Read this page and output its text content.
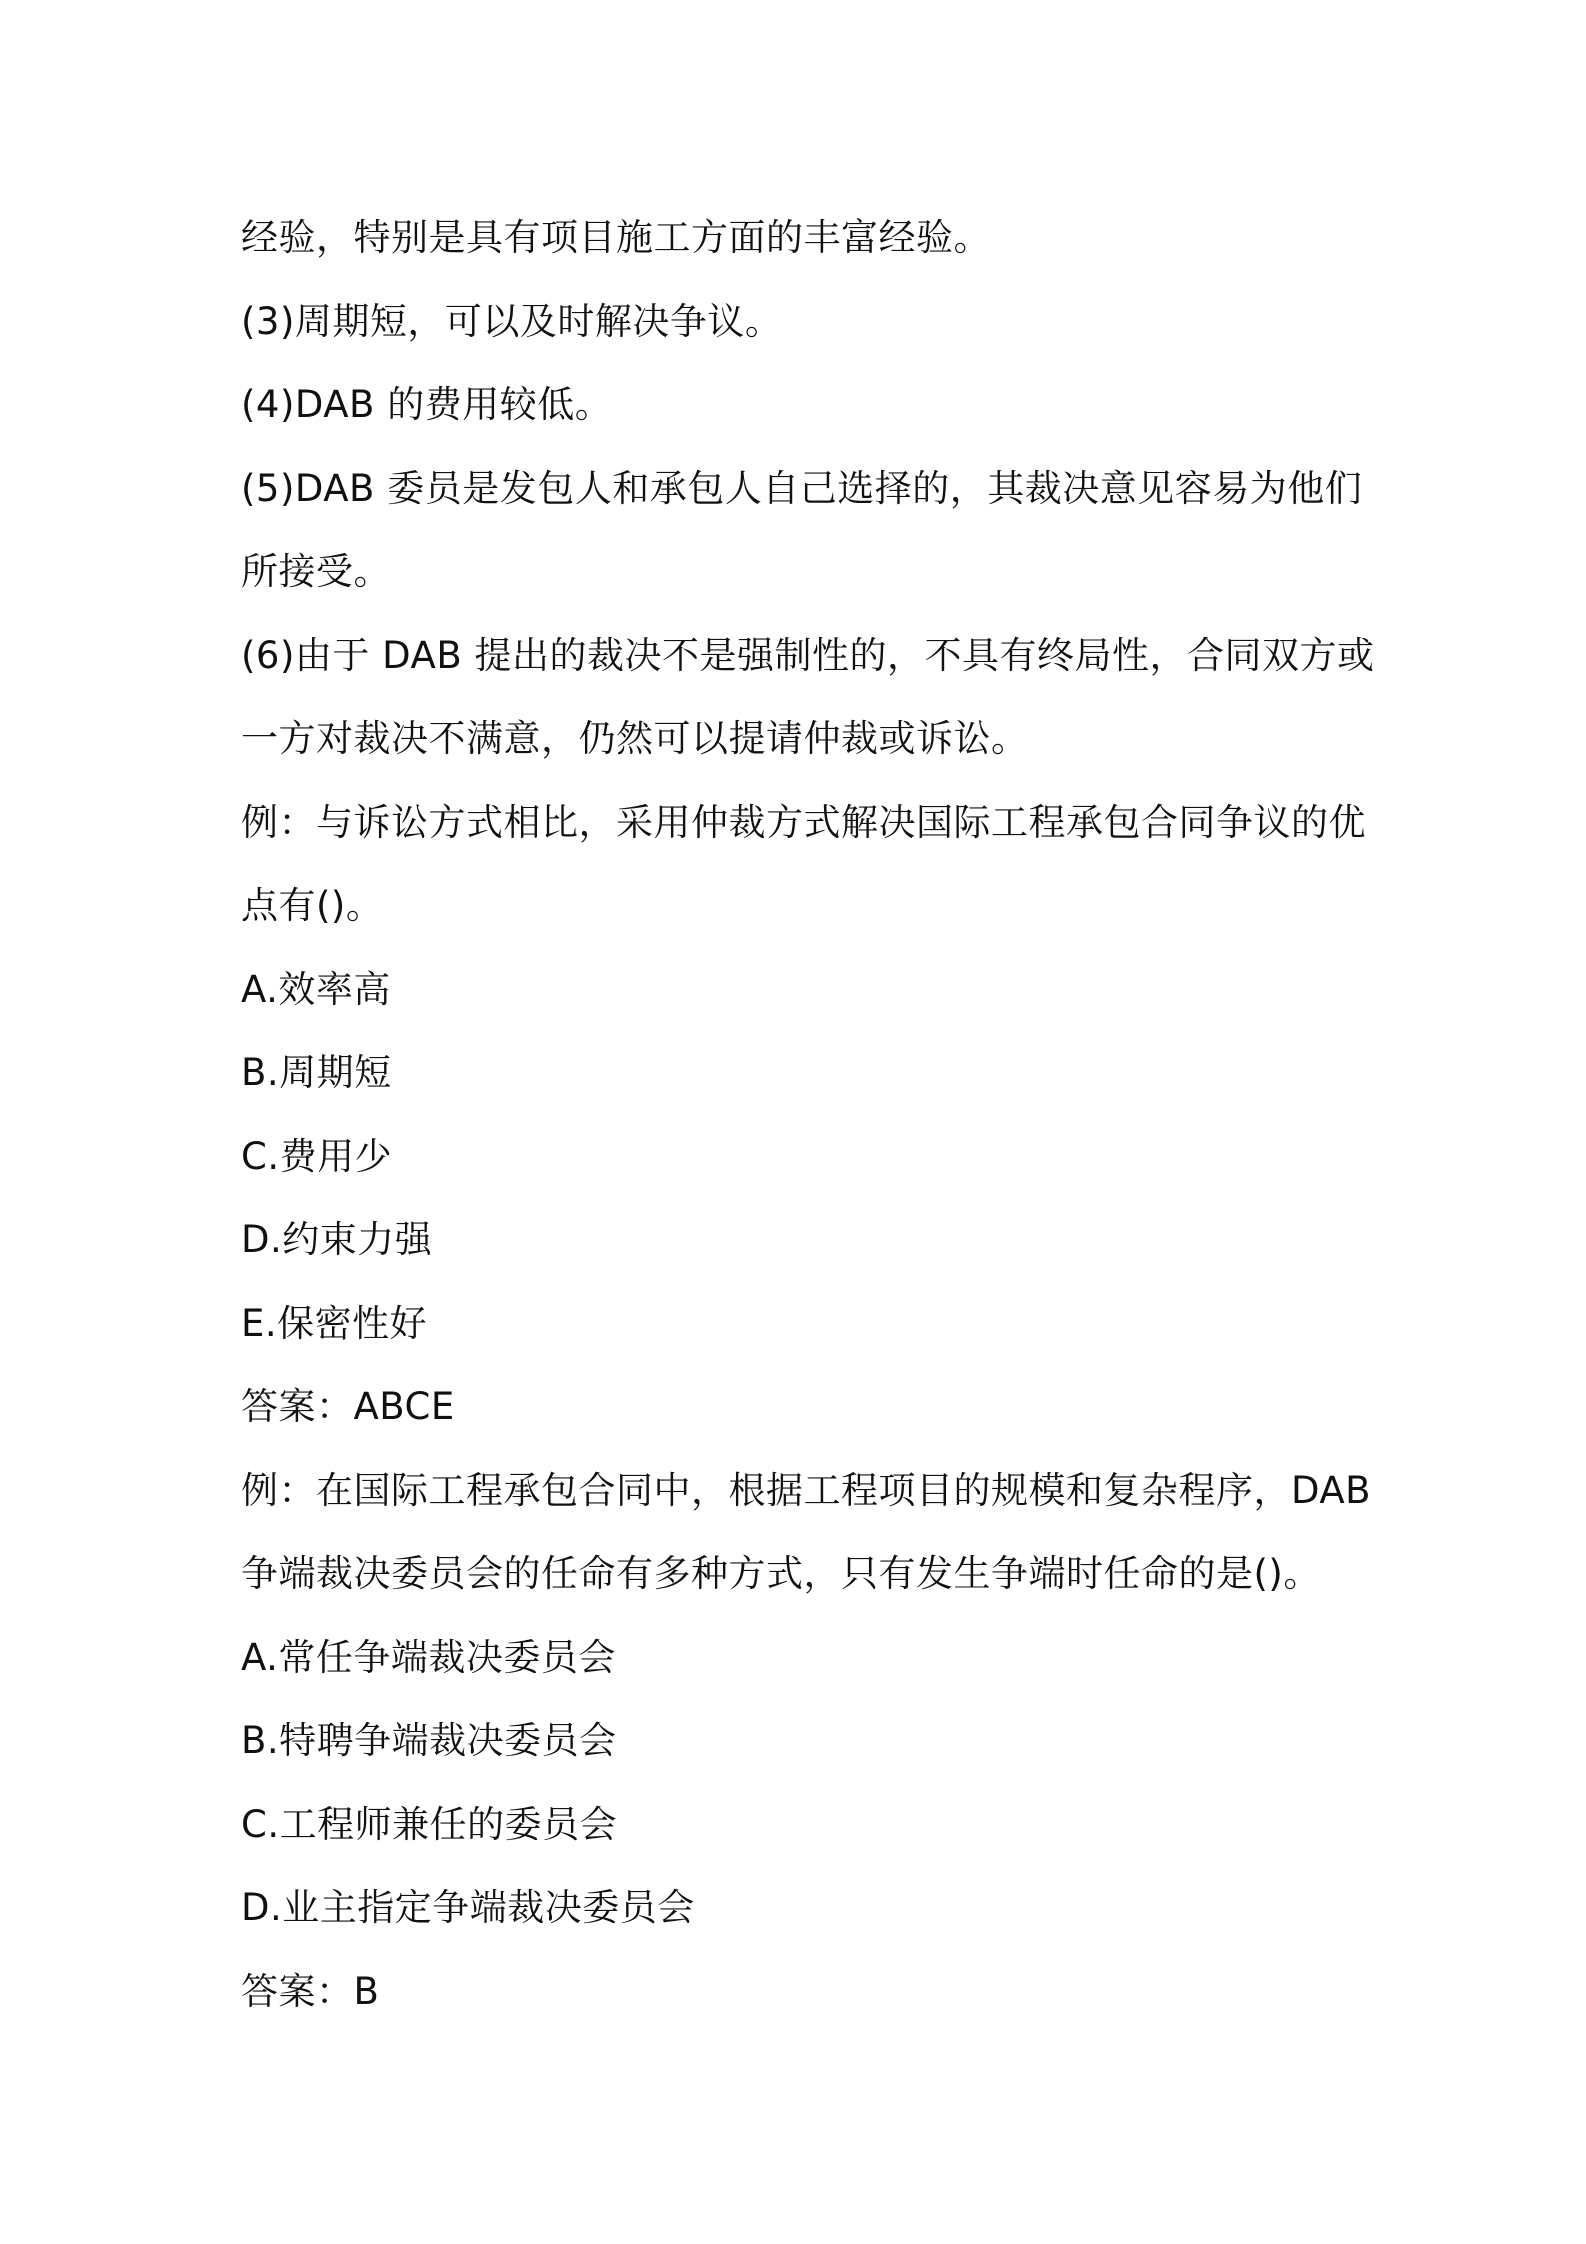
经验，特别是具有项目施工方面的丰富经验。

(3)周期短，可以及时解决争议。

(4)DAB 的费用较低。

(5)DAB 委员是发包人和承包人自己选择的，其裁决意见容易为他们

所接受。

(6)由于 DAB 提出的裁决不是强制性的，不具有终局性，合同双方或

一方对裁决不满意，仍然可以提请仲裁或诉讼。

例：与诉讼方式相比，采用仲裁方式解决国际工程承包合同争议的优

点有()。

A.效率高

B.周期短

C.费用少

D.约束力强

E.保密性好

答案：ABCE

例：在国际工程承包合同中，根据工程项目的规模和复杂程序，DAB

争端裁决委员会的任命有多种方式，只有发生争端时任命的是()。

A.常任争端裁决委员会

B.特聘争端裁决委员会

C.工程师兼任的委员会

D.业主指定争端裁决委员会

答案：B
